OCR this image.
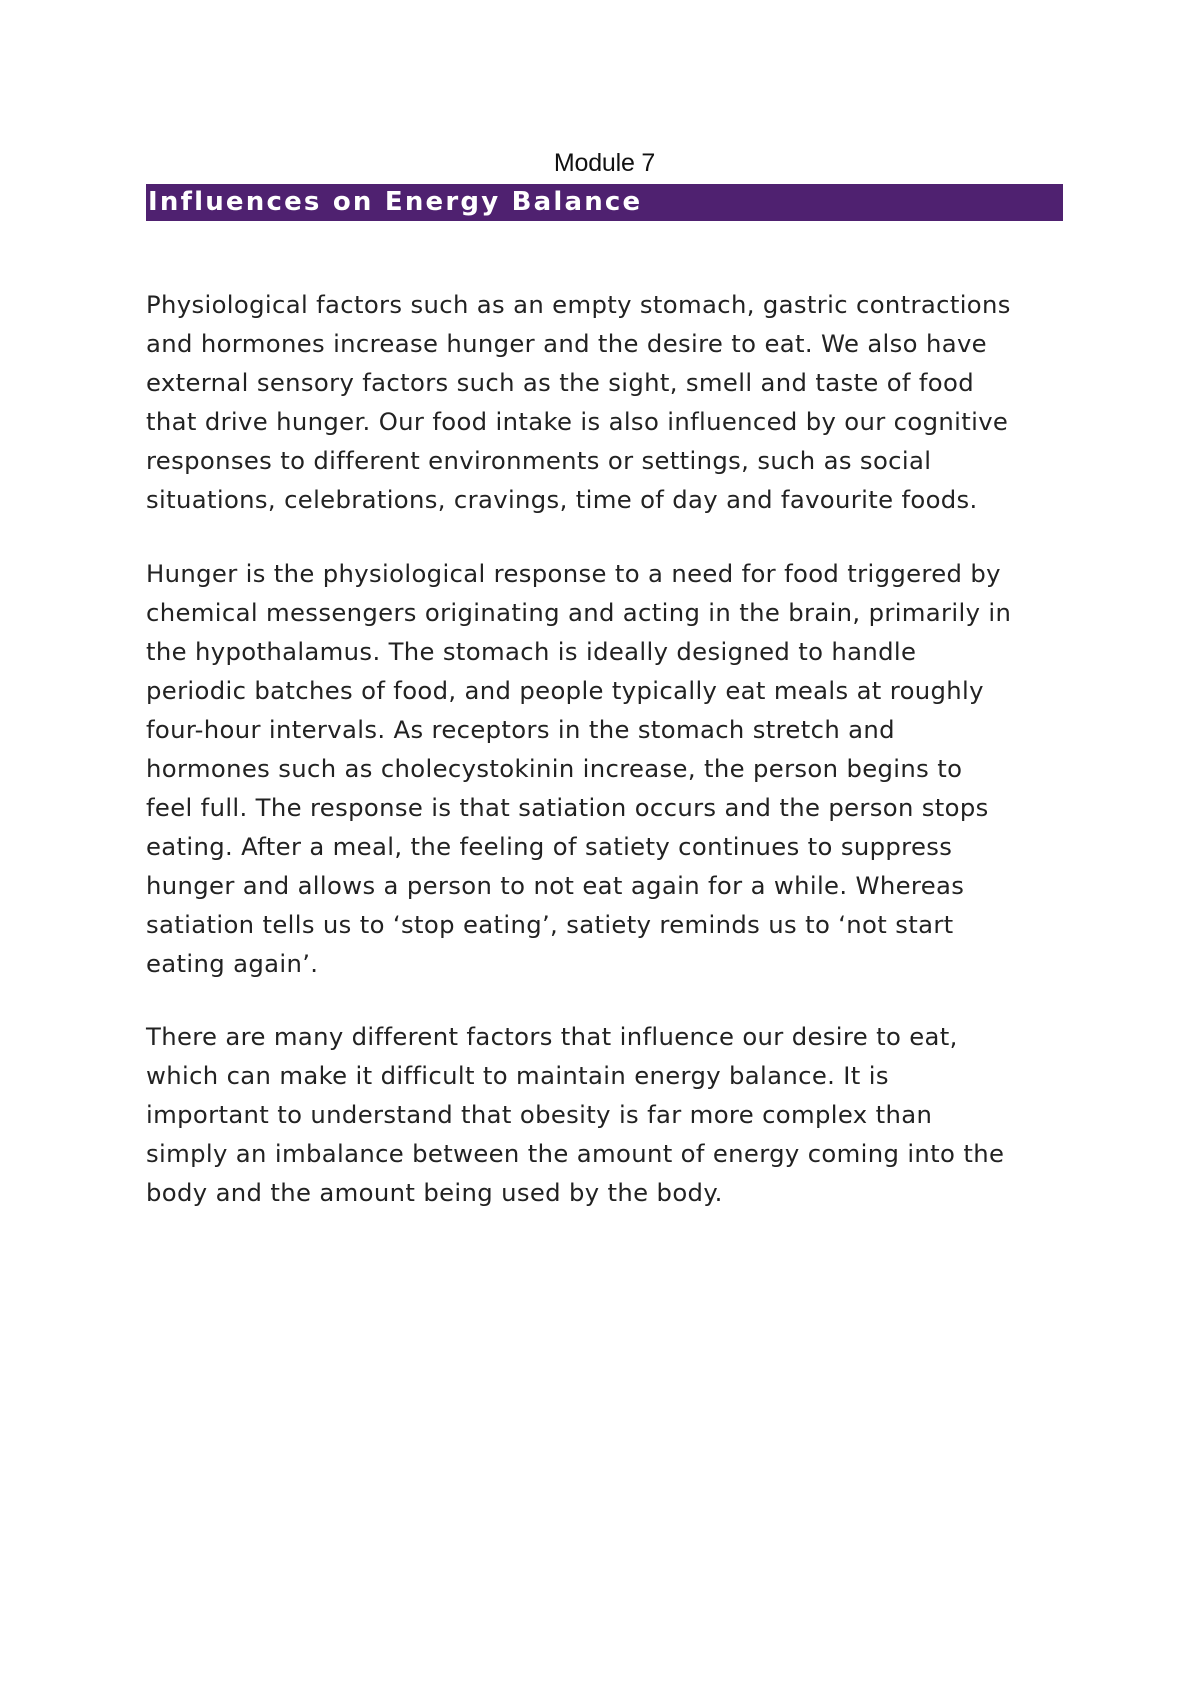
Module 7
Influences on Energy Balance

Physiological factors such as an empty stomach, gastric contractions
and hormones increase hunger and the desire to eat. We also have
external sensory factors such as the sight, smell and taste of food
that drive hunger. Our food intake is also influenced by our cognitive
responses to different environments or settings, such as social
situations, celebrations, cravings, time of day and favourite foods.

Hunger is the physiological response to a need for food triggered by
chemical messengers originating and acting in the brain, primarily in
the hypothalamus. The stomach is ideally designed to handle
periodic batches of food, and people typically eat meals at roughly
four-hour intervals. As receptors in the stomach stretch and
hormones such as cholecystokinin increase, the person begins to
feel full. The response is that satiation occurs and the person stops
eating. After a meal, the feeling of satiety continues to suppress
hunger and allows a person to not eat again for a while. Whereas
satiation tells us to ‘stop eating’, satiety reminds us to ‘not start
eating again’.

There are many different factors that influence our desire to eat,
which can make it difficult to maintain energy balance. It is
important to understand that obesity is far more complex than
simply an imbalance between the amount of energy coming into the
body and the amount being used by the body.
